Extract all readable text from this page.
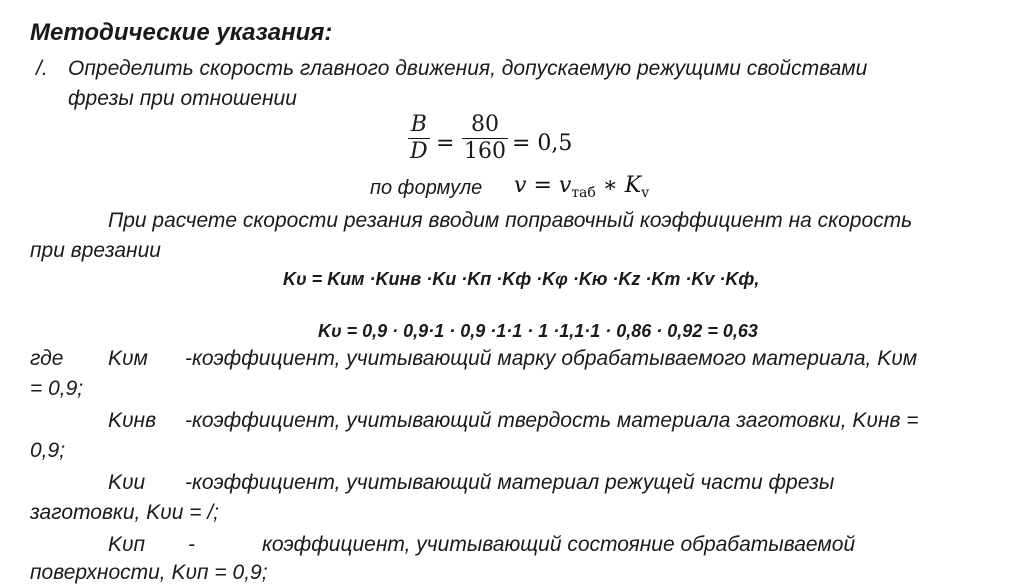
Методические указания:
/. Определить скорость главного движения, допускаемую режущими свойствами
фрезы при отношении
B
D =
80
160 = 0,5
по формуле $v = v_{таб}$ ∗ $K_v$
При расчете скорости резания вводим поправочный коэффициент на скорость
при врезании
Kυ = Kим ·Kинв ·Kи ·Kп ·Kф ·Kφ ·Kю ·Kz ·Kт ·Kv ·Kф,
Kυ = 0,9 · 0,9·1 · 0,9 ·1·1 · 1 ·1,1·1 · 0,86 · 0,92 = 0,63
где Kυм -коэффициент, учитывающий марку обрабатываемого материала, Kυм
= 0,9;
Kυнв -коэффициент, учитывающий твердость материала заготовки, Kυнв =
0,9;
Kυи -коэффициент, учитывающий материал режущей части фрезы
заготовки, Kυи = /;
Kυп -	коэффициент, учитывающий состояние обрабатываемой
поверхности, Kυп = 0,9;
